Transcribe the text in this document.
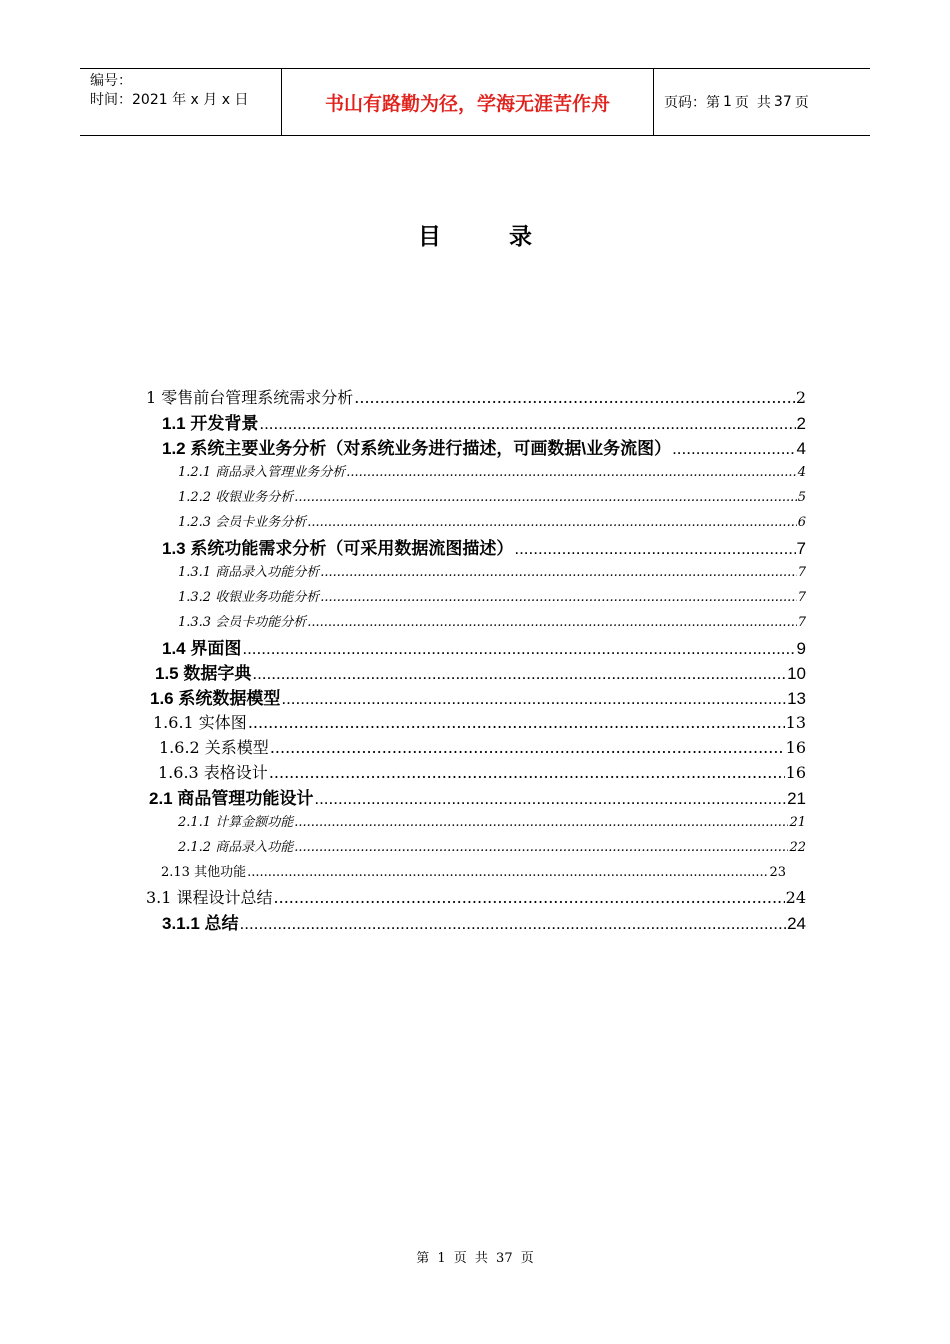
编号：
时间：2021 年 x 月 x 日	书山有路勤为径，学海无涯苦作舟	页码：第 1 页 共 37 页
目 录
1 零售前台管理系统需求分析 .....	2
1.1 开发背景 .....	2
1.2 系统主要业务分析（对系统业务进行描述，可画数据\业务流图） .....	4
1.2.1 商品录入管理业务分析 .....	4
1.2.2 收银业务分析 .....	5
1.2.3 会员卡业务分析 .....	6
1.3 系统功能需求分析（可采用数据流图描述） .....	7
1.3.1 商品录入功能分析 .....	7
1.3.2 收银业务功能分析 .....	7
1.3.3 会员卡功能分析 .....	7
1.4 界面图 .....	9
1.5 数据字典 .....	10
1.6 系统数据模型 .....	13
1.6.1 实体图 .....	13
1.6.2 关系模型 .....	16
1.6.3 表格设计 .....	16
2.1 商品管理功能设计 .....	21
2.1.1 计算金额功能 .....	21
2.1.2 商品录入功能 .....	22
2.13 其他功能 .....	23
3.1 课程设计总结 .....	24
3.1.1 总结 .....	24
第 1 页 共 37 页
